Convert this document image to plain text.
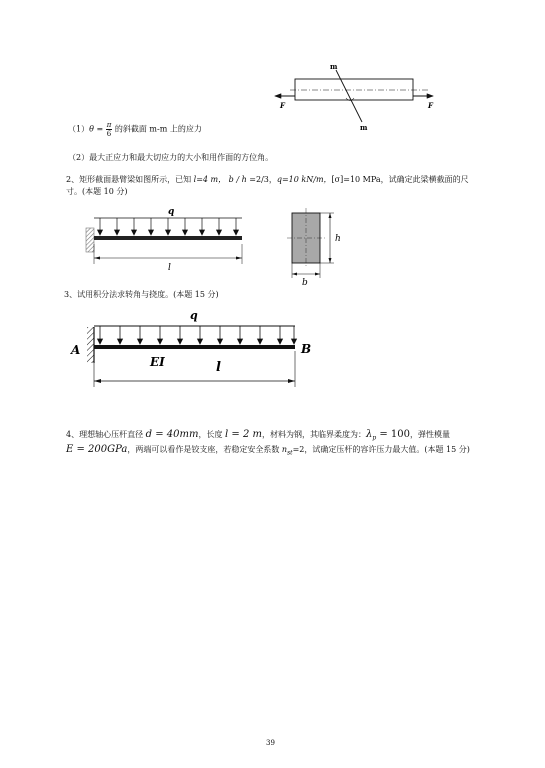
m
m
F	F
$(1)\theta = \frac{\pi}{6}$ 的斜截面 m-m 上的应力
（2）最大正应力和最大切应力的大小和用作面的方位角。
2、矩形截面悬臂梁如图所示，已知 l=4 m， b / h =2/3，q=10 kN/m，[σ]=10 MPa，试确定此梁横截面的尺
寸。(本题 10 分)
q
l
h
b
3、试用积分法求转角与挠度。(本题 15 分)
q
A	B
EI	l
4、理想轴心压杆直径 d = 40mm，长度 l = 2 m，材料为钢，其临界柔度为：$\lambda_p = 100$，弹性模量
E = 200GPa，两端可以看作是铰支座，若稳定安全系数 $n_{st}=2$，试确定压杆的容许压力最大值。(本题 15 分)
39
